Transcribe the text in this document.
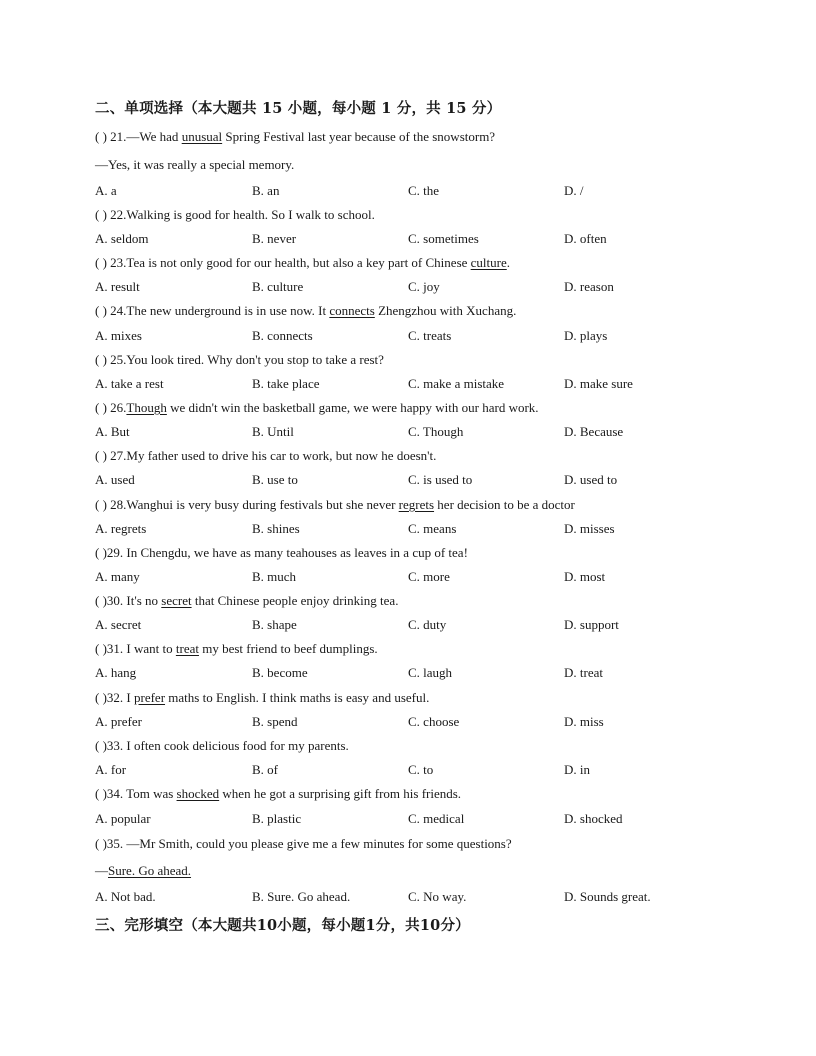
二、单项选择（本大题共 15 小题，每小题 1 分，共 15 分）
( ) 21.—We had unusual Spring Festival last year because of the snowstorm?
—Yes, it was really a special memory.
A. a	B. an	C. the	D. /
( ) 22.Walking is good for health. So I walk to school.
A. seldom	B. never	C. sometimes	D. often
( ) 23.Tea is not only good for our health, but also a key part of Chinese culture.
A. result	B. culture	C. joy	D. reason
( ) 24.The new underground is in use now. It connects Zhengzhou with Xuchang.
A. mixes	B. connects	C. treats	D. plays
( ) 25.You look tired. Why don't you stop to take a rest?
A. take a rest	B. take place	C. make a mistake	D. make sure
( ) 26.Though we didn't win the basketball game, we were happy with our hard work.
A. But	B. Until	C. Though	D. Because
( ) 27.My father used to drive his car to work, but now he doesn't.
A. used	B. use to	C. is used to	D. used to
( ) 28.Wanghui is very busy during festivals but she never regrets her decision to be a doctor
A. regrets	B. shines	C. means	D. misses
( )29. In Chengdu, we have as many teahouses as leaves in a cup of tea!
A. many	B. much	C. more	D. most
( )30. It's no secret that Chinese people enjoy drinking tea.
A. secret	B. shape	C. duty	D. support
( )31. I want to treat my best friend to beef dumplings.
A. hang	B. become	C. laugh	D. treat
( )32. I prefer maths to English. I think maths is easy and useful.
A. prefer	B. spend	C. choose	D. miss
( )33. I often cook delicious food for my parents.
A. for	B. of	C. to	D. in
( )34. Tom was shocked when he got a surprising gift from his friends.
A. popular	B. plastic	C. medical	D. shocked
( )35. —Mr Smith, could you please give me a few minutes for some questions?
—Sure. Go ahead.
A. Not bad.	B. Sure. Go ahead.	C. No way.	D. Sounds great.
三、完形填空（本大题共10小题，每小题1分，共10分）
